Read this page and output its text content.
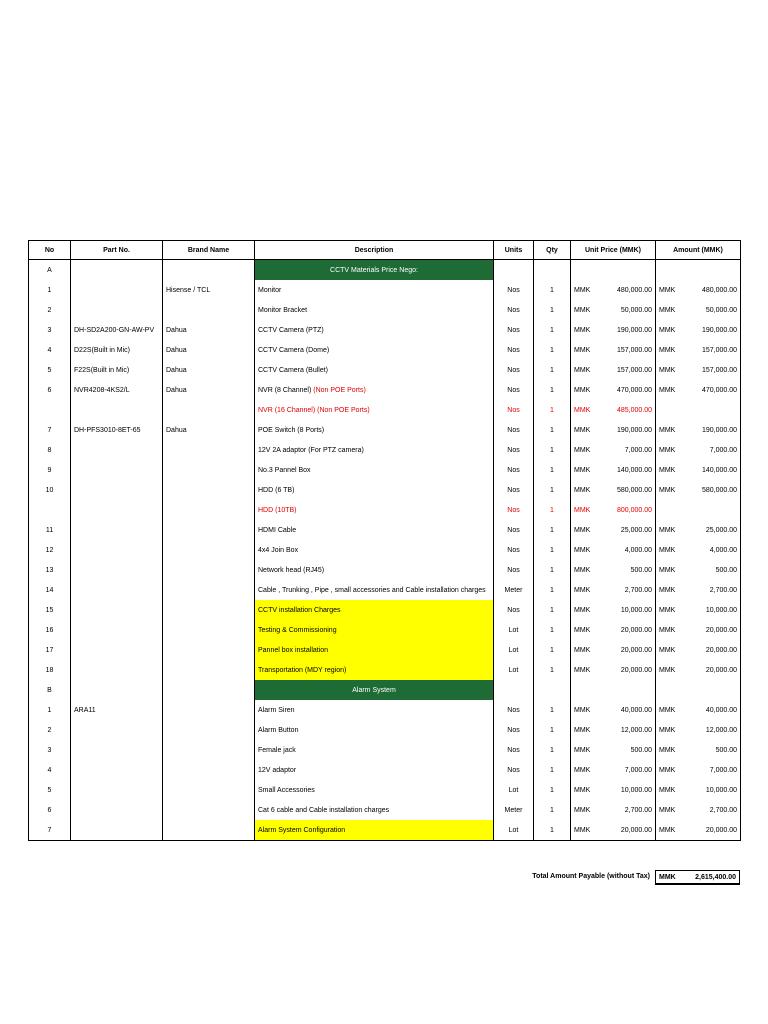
No	Part No.	Brand Name	Description	Units	Qty	Unit Price (MMK)	Amount (MMK)
A			CCTV Materials Price Nego:				
1		Hisense / TCL	Monitor	Nos	1	MMK 480,000.00	MMK 480,000.00

2			Monitor Bracket	Nos	1	MMK 50,000.00	MMK 50,000.00

3	DH-SD2A200-GN-AW-PV	Dahua	CCTV Camera (PTZ)	Nos	1	MMK 190,000.00	MMK 190,000.00

4	D22S(Built in Mic)	Dahua	CCTV Camera (Dome)	Nos	1	MMK 157,000.00	MMK 157,000.00

5	F22S(Built in Mic)	Dahua	CCTV Camera (Bullet)	Nos	1	MMK 157,000.00	MMK 157,000.00

6	NVR4208-4KS2/L	Dahua	NVR (8 Channel) (Non POE Ports)	Nos	1	MMK 470,000.00	MMK 470,000.00

			NVR (16 Channel) (Non POE Ports)	Nos	1	MMK 485,000.00	

7	DH-PFS3010-8ET-65	Dahua	POE Switch (8 Ports)	Nos	1	MMK 190,000.00	MMK 190,000.00

8			12V 2A adaptor (For PTZ camera)	Nos	1	MMK 7,000.00	MMK 7,000.00

9			No.3 Pannel Box	Nos	1	MMK 140,000.00	MMK 140,000.00

10			HDD (6 TB)	Nos	1	MMK 580,000.00	MMK 580,000.00

			HDD (10TB)	Nos	1	MMK 800,000.00	

11			HDMI Cable	Nos	1	MMK 25,000.00	MMK 25,000.00

12			4x4 Join Box	Nos	1	MMK 4,000.00	MMK 4,000.00

13			Network head (RJ45)	Nos	1	MMK 500.00	MMK 500.00

14			Cable , Trunking , Pipe , small accessories and Cable installation charges	Meter	1	MMK 2,700.00	MMK 2,700.00

15			CCTV installation Charges	Nos	1	MMK 10,000.00	MMK 10,000.00

16			Testing & Commissioning	Lot	1	MMK 20,000.00	MMK 20,000.00

17			Pannel box installation	Lot	1	MMK 20,000.00	MMK 20,000.00

18			Transportation (MDY region)	Lot	1	MMK 20,000.00	MMK 20,000.00

B			Alarm System				
1	ARA11		Alarm Siren	Nos	1	MMK 40,000.00	MMK 40,000.00

2			Alarm Button	Nos	1	MMK 12,000.00	MMK 12,000.00

3			Female jack	Nos	1	MMK 500.00	MMK 500.00

4			12V adaptor	Nos	1	MMK 7,000.00	MMK 7,000.00

5			Small Accessories	Lot	1	MMK 10,000.00	MMK 10,000.00

6			Cat 6 cable and Cable installation charges	Meter	1	MMK 2,700.00	MMK 2,700.00

7			Alarm System Configuration	Lot	1	MMK 20,000.00	MMK 20,000.00
Total Amount Payable (without Tax) MMK	2,615,400.00
